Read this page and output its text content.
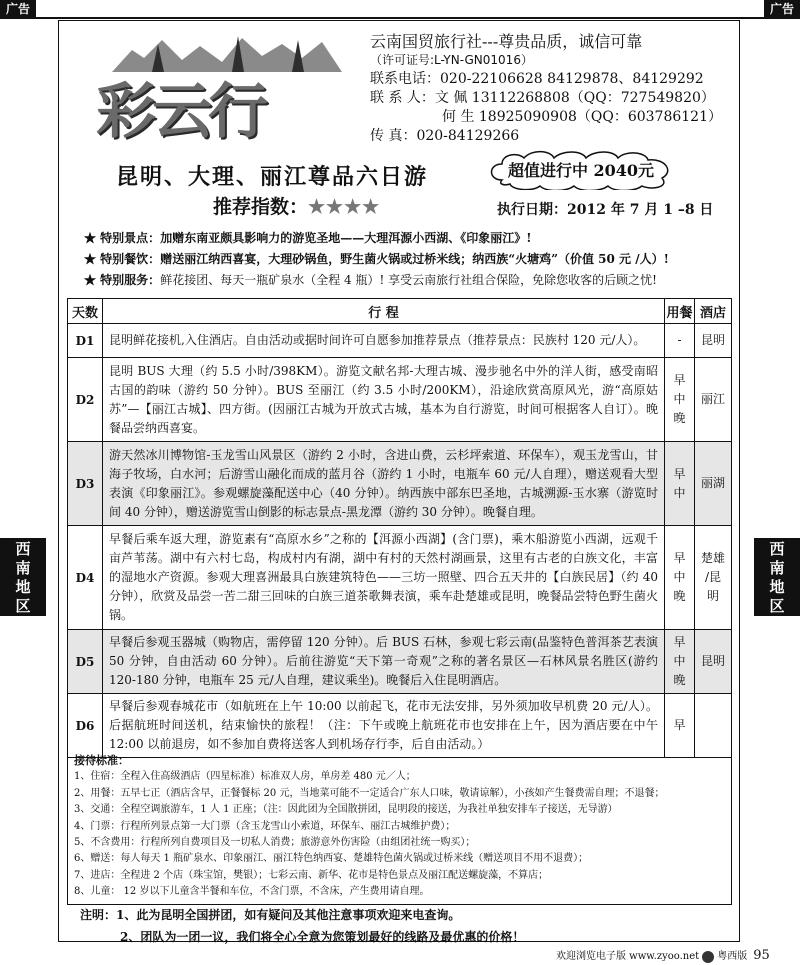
广告	广告
彩云行
云南国贸旅行社---尊贵品质，诚信可靠
（许可证号:L-YN-GN01016）
联系电话：020-22106628 84129878、84129292
联 系 人：文 佩 13112268808（QQ：727549820）
何 生 18925090908（QQ：603786121）
传 真：020-84129266
昆明、大理、丽江尊品六日游
推荐指数：★★★★
超值进行中 2040元
执行日期：2012 年 7 月 1 –8 日
★ 特别景点：加赠东南亚颇具影响力的游览圣地——大理洱源小西湖、《印象丽江》!
★ 特别餐饮：赠送丽江纳西喜宴，大理砂锅鱼，野生菌火锅或过桥米线；纳西族“火塘鸡”（价值 50 元 /人）!
★ 特别服务：鲜花接团、每天一瓶矿泉水（全程 4 瓶）! 享受云南旅行社组合保险，免除您收客的后顾之忧!
天数	行 程	用餐	酒店
D1	昆明鲜花接机,入住酒店。自由活动或据时间许可自愿参加推荐景点（推荐景点：民族村 120 元/人）。	-	昆明
D2	昆明 BUS 大理（约 5.5 小时/398KM）。游览文献名邦-大理古城、漫步驰名中外的洋人街，感受南昭古国的韵味（游约 50 分钟）。BUS 至丽江（约 3.5 小时/200KM），沿途欣赏高原风光，游“高原姑苏”—【丽江古城】、四方街。(因丽江古城为开放式古城，基本为自行游览，时间可根据客人自订）。晚餐品尝纳西喜宴。	早
中
晚	丽江
D3	游天然冰川博物馆-玉龙雪山风景区（游约 2 小时，含进山费，云杉坪索道、环保车），观玉龙雪山，甘海子牧场，白水河；后游雪山融化而成的蓝月谷（游约 1 小时，电瓶车 60 元/人自理），赠送观看大型表演《印象丽江》。参观螺旋藻配送中心（40 分钟）。纳西族中部东巴圣地，古城溯源-玉水寨（游览时间 40 分钟），赠送游览雪山倒影的标志景点-黑龙潭（游约 30 分钟）。晚餐自理。	早
中	丽湖
D4	早餐后乘车返大理，游览素有“高原水乡”之称的【洱源小西湖】(含门票)，乘木船游览小西湖，远观千亩芦苇荡。湖中有六村七岛，构成村内有湖，湖中有村的天然村湖画景，这里有古老的白族文化，丰富的湿地水产资源。参观大理喜洲最具白族建筑特色——三坊一照壁、四合五天井的【白族民居】（约 40 分钟），欣赏及品尝一苦二甜三回味的白族三道茶歌舞表演，乘车赴楚雄或昆明，晚餐品尝特色野生菌火锅。	早
中
晚	楚雄
/昆
明
D5	早餐后参观玉器城（购物店，需停留 120 分钟）。后 BUS 石林，参观七彩云南(品鉴特色普洱茶艺表演 50 分钟，自由活动 60 分钟）。后前往游览“天下第一奇观”之称的著名景区—石林风景名胜区(游约 120-180 分钟，电瓶车 25 元/人自理，建议乘坐)。晚餐后入住昆明酒店。	早
中
晚	昆明
D6	早餐后参观春城花市（如航班在上午 10:00 以前起飞，花市无法安排，另外须加收早机费 20 元/人）。后据航班时间送机，结束愉快的旅程！（注：下午或晚上航班花市也安排在上午，因为酒店要在中午 12:00 以前退房，如不参加自费将送客人到机场存行李，后自由活动。）	早	
接待标准：
1、住宿：全程入住高级酒店（四星标准）标准双人房，单房差 480 元／人；
2、用餐：五早七正（酒店含早，正餐餐标 20 元，当地菜可能不一定适合广东人口味，敬请谅解），小孩如产生餐费需自理；不退餐；
3、交通：全程空调旅游车，1 人 1 正座；（注：因此团为全国散拼团，昆明段的接送，为我社单独安排车子接送，无导游）
4、门票：行程所列景点第一大门票（含玉龙雪山小索道，环保车、丽江古城维护费）；
5、不含费用：行程所列自费项目及一切私人消费；旅游意外伤害险（由组团社统一购买）；
6、赠送：每人每天 1 瓶矿泉水、印象丽江、丽江特色纳西宴、楚雄特色菌火锅或过桥米线（赠送项目不用不退费）；
7、进店：全程进 2 个店（珠宝馆，樊银）；七彩云南、新华、花市是特色景点及丽江配送螺旋藻，不算店；
8、儿童： 12 岁以下儿童含半餐和车位，不含门票，不含床，产生费用请自理。
注明：1、此为昆明全国拼团，如有疑问及其他注意事项欢迎来电查询。
2、团队为一团一议，我们将全心全意为您策划最好的线路及最优惠的价格！
西
南
地
区
西
南
地
区
欢迎浏览电子版 www.zyoo.net 粤西版 95
